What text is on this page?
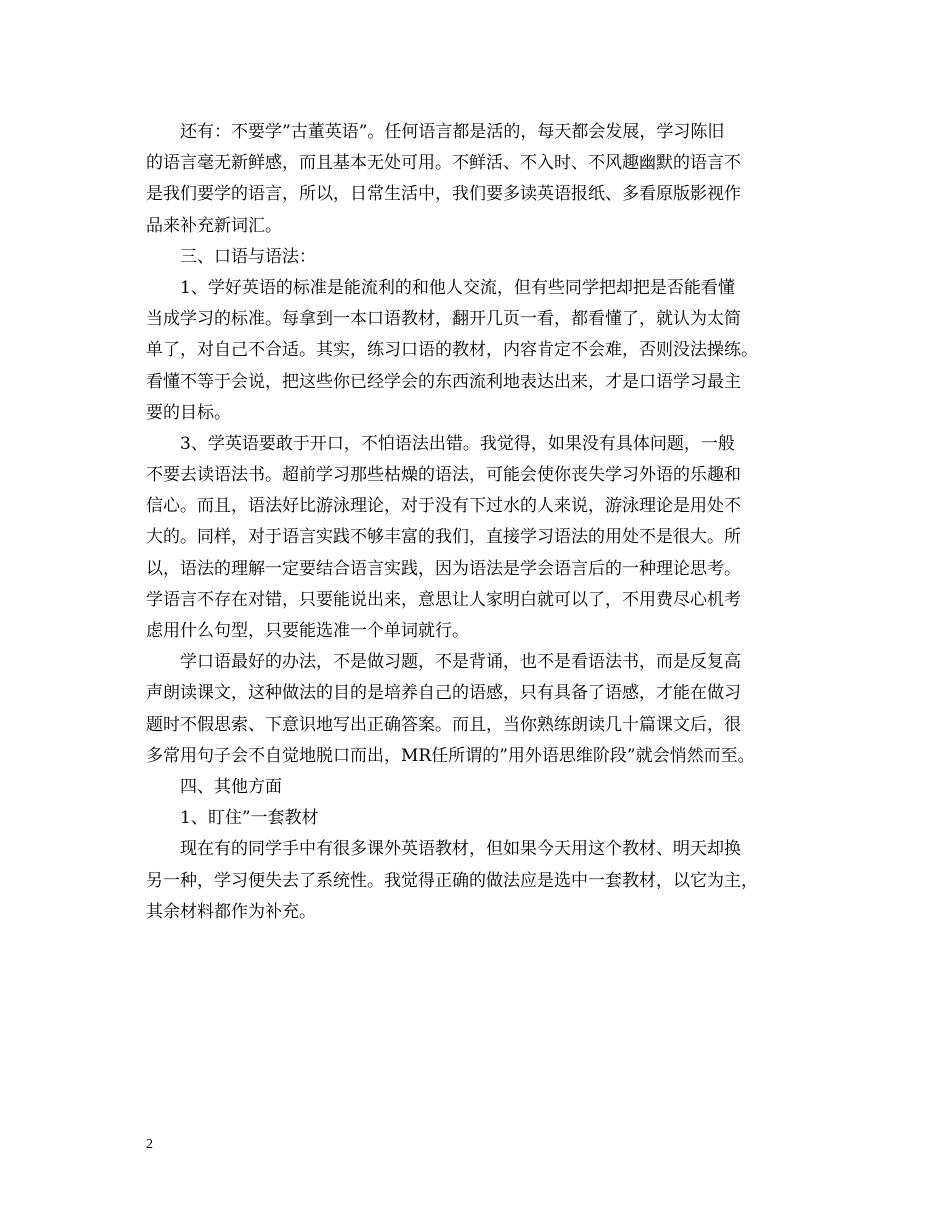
还有：不要学”古董英语”。任何语言都是活的，每天都会发展，学习陈旧
的语言毫无新鲜感，而且基本无处可用。不鲜活、不入时、不风趣幽默的语言不
是我们要学的语言，所以，日常生活中，我们要多读英语报纸、多看原版影视作
品来补充新词汇。
三、口语与语法：
1、学好英语的标准是能流利的和他人交流，但有些同学把却把是否能看懂
当成学习的标准。每拿到一本口语教材，翻开几页一看，都看懂了，就认为太简
单了，对自己不合适。其实，练习口语的教材，内容肯定不会难，否则没法操练。
看懂不等于会说，把这些你已经学会的东西流利地表达出来，才是口语学习最主
要的目标。
3、学英语要敢于开口，不怕语法出错。我觉得，如果没有具体问题，一般
不要去读语法书。超前学习那些枯燥的语法，可能会使你丧失学习外语的乐趣和
信心。而且，语法好比游泳理论，对于没有下过水的人来说，游泳理论是用处不
大的。同样，对于语言实践不够丰富的我们，直接学习语法的用处不是很大。所
以，语法的理解一定要结合语言实践，因为语法是学会语言后的一种理论思考。
学语言不存在对错，只要能说出来，意思让人家明白就可以了，不用费尽心机考
虑用什么句型，只要能选准一个单词就行。
学口语最好的办法，不是做习题，不是背诵，也不是看语法书，而是反复高
声朗读课文，这种做法的目的是培养自己的语感，只有具备了语感，才能在做习
题时不假思索、下意识地写出正确答案。而且，当你熟练朗读几十篇课文后，很
多常用句子会不自觉地脱口而出，MR任所谓的”用外语思维阶段”就会悄然而至。
四、其他方面
1、盯住”一套教材
现在有的同学手中有很多课外英语教材，但如果今天用这个教材、明天却换
另一种，学习便失去了系统性。我觉得正确的做法应是选中一套教材，以它为主，
其余材料都作为补充。
2
